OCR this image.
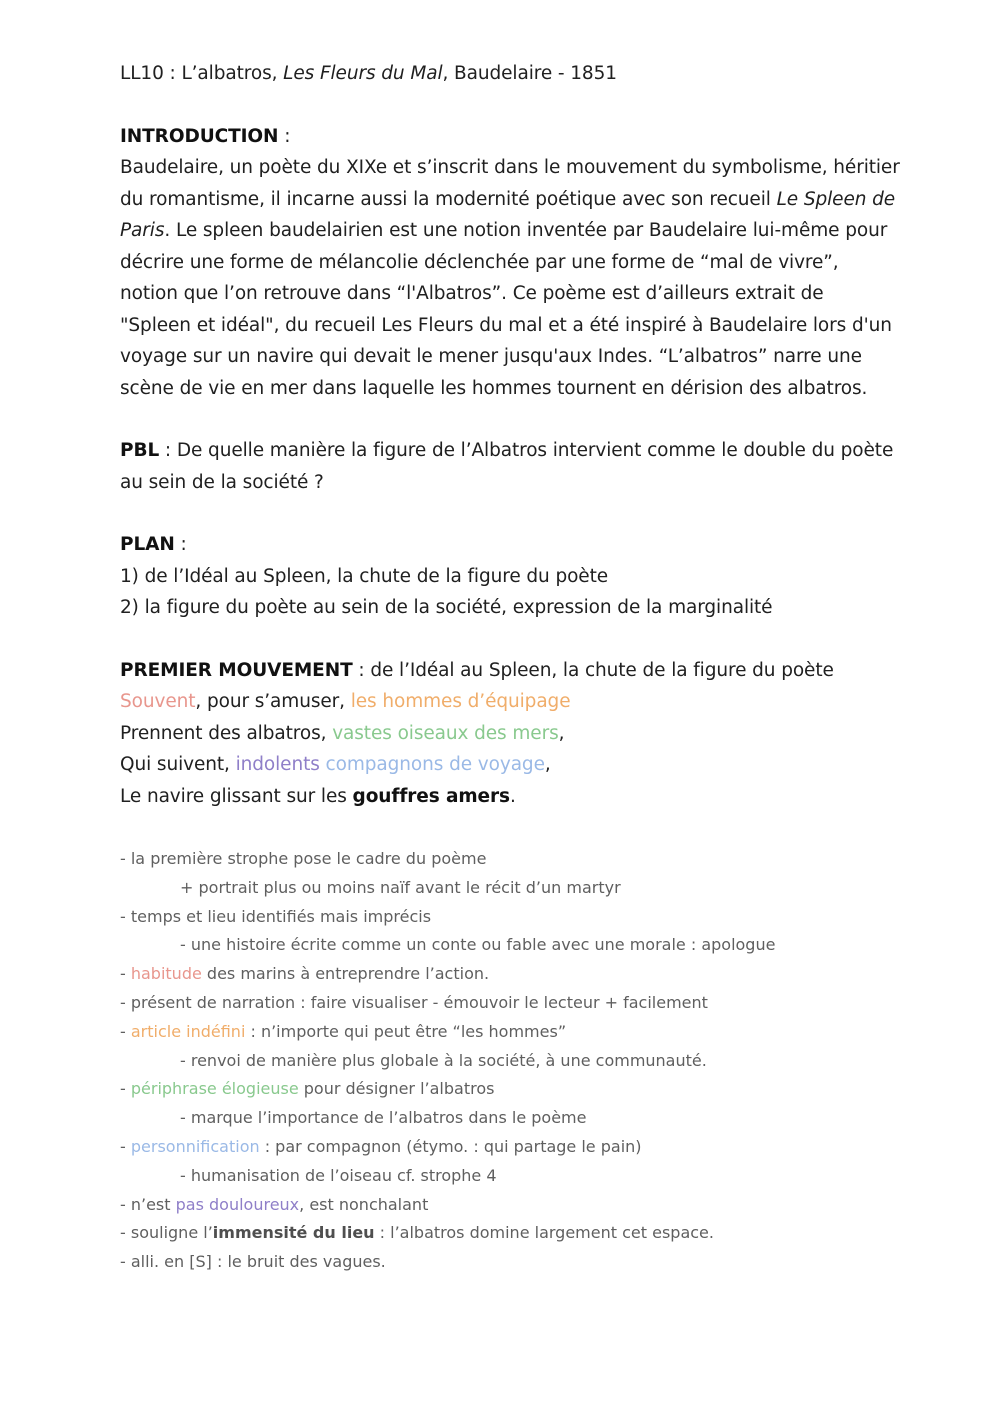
LL10 : L’albatros, Les Fleurs du Mal, Baudelaire - 1851
INTRODUCTION :
Baudelaire, un poète du XIXe et s’inscrit dans le mouvement du symbolisme, héritier du romantisme, il incarne aussi la modernité poétique avec son recueil Le Spleen de Paris. Le spleen baudelairien est une notion inventée par Baudelaire lui-même pour décrire une forme de mélancolie déclenchée par une forme de “mal de vivre”, notion que l’on retrouve dans “l'Albatros”. Ce poème est d’ailleurs extrait de "Spleen et idéal", du recueil Les Fleurs du mal et a été inspiré à Baudelaire lors d'un voyage sur un navire qui devait le mener jusqu'aux Indes. “L’albatros” narre une scène de vie en mer dans laquelle les hommes tournent en dérision des albatros.
PBL : De quelle manière la figure de l’Albatros intervient comme le double du poète au sein de la société ?
PLAN :
1) de l’Idéal au Spleen, la chute de la figure du poète
2) la figure du poète au sein de la société, expression de la marginalité
PREMIER MOUVEMENT : de l’Idéal au Spleen, la chute de la figure du poète
Souvent, pour s’amuser, les hommes d’équipage
Prennent des albatros, vastes oiseaux des mers,
Qui suivent, indolents compagnons de voyage,
Le navire glissant sur les gouffres amers.
- la première strophe pose le cadre du poème
+ portrait plus ou moins naïf avant le récit d’un martyr
- temps et lieu identifiés mais imprécis
- une histoire écrite comme un conte ou fable avec une morale : apologue
- habitude des marins à entreprendre l’action.
- présent de narration : faire visualiser - émouvoir le lecteur + facilement
- article indéfini : n’importe qui peut être “les hommes”
- renvoi de manière plus globale à la société, à une communauté.
- périphrase élogieuse pour désigner l’albatros
- marque l’importance de l’albatros dans le poème
- personnification : par compagnon (étymo. : qui partage le pain)
- humanisation de l’oiseau cf. strophe 4
- n’est pas douloureux, est nonchalant
- souligne l’immensité du lieu : l’albatros domine largement cet espace.
- alli. en [S] : le bruit des vagues.
